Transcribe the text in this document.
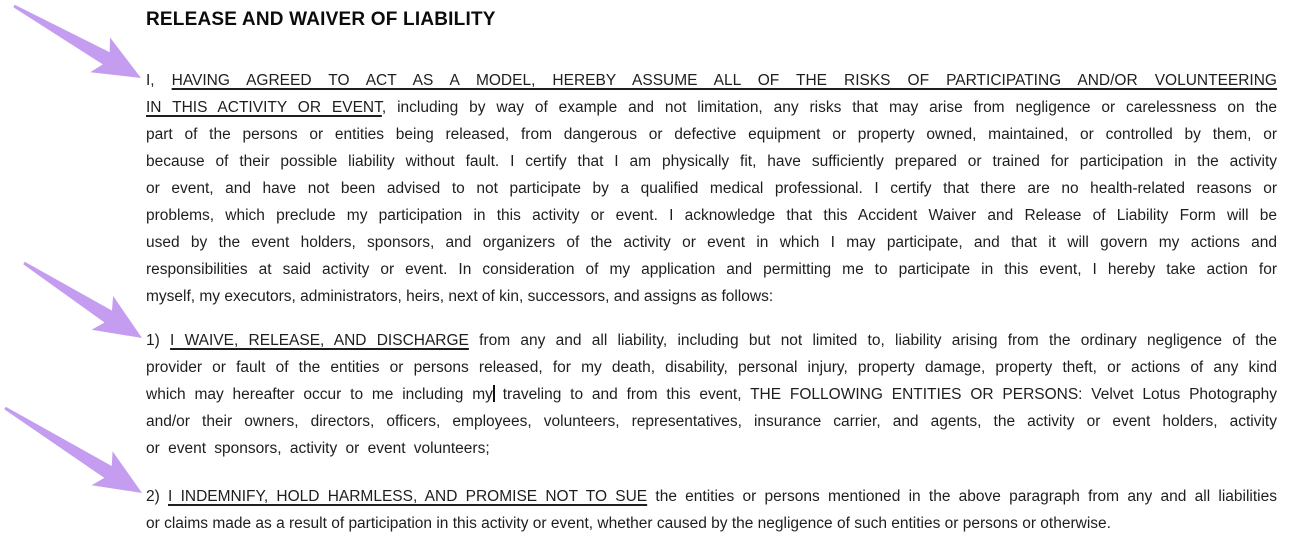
RELEASE AND WAIVER OF LIABILITY
I, HAVING AGREED TO ACT AS A MODEL, HEREBY ASSUME ALL OF THE RISKS OF PARTICIPATING AND/OR VOLUNTEERING
IN THIS ACTIVITY OR EVENT, including by way of example and not limitation, any risks that may arise from negligence or carelessness on the
part of the persons or entities being released, from dangerous or defective equipment or property owned, maintained, or controlled by them, or
because of their possible liability without fault. I certify that I am physically fit, have sufficiently prepared or trained for participation in the activity
or event, and have not been advised to not participate by a qualified medical professional. I certify that there are no health-related reasons or
problems, which preclude my participation in this activity or event. I acknowledge that this Accident Waiver and Release of Liability Form will be
used by the event holders, sponsors, and organizers of the activity or event in which I may participate, and that it will govern my actions and
responsibilities at said activity or event. In consideration of my application and permitting me to participate in this event, I hereby take action for
myself, my executors, administrators, heirs, next of kin, successors, and assigns as follows:
1) I WAIVE, RELEASE, AND DISCHARGE from any and all liability, including but not limited to, liability arising from the ordinary negligence of the
provider or fault of the entities or persons released, for my death, disability, personal injury, property damage, property theft, or actions of any kind
which may hereafter occur to me including my traveling to and from this event, THE FOLLOWING ENTITIES OR PERSONS: Velvet Lotus Photography
and/or their owners, directors, officers, employees, volunteers, representatives, insurance carrier, and agents, the activity or event holders, activity
or event sponsors, activity or event volunteers;
2) I INDEMNIFY, HOLD HARMLESS, AND PROMISE NOT TO SUE the entities or persons mentioned in the above paragraph from any and all liabilities
or claims made as a result of participation in this activity or event, whether caused by the negligence of such entities or persons or otherwise.
